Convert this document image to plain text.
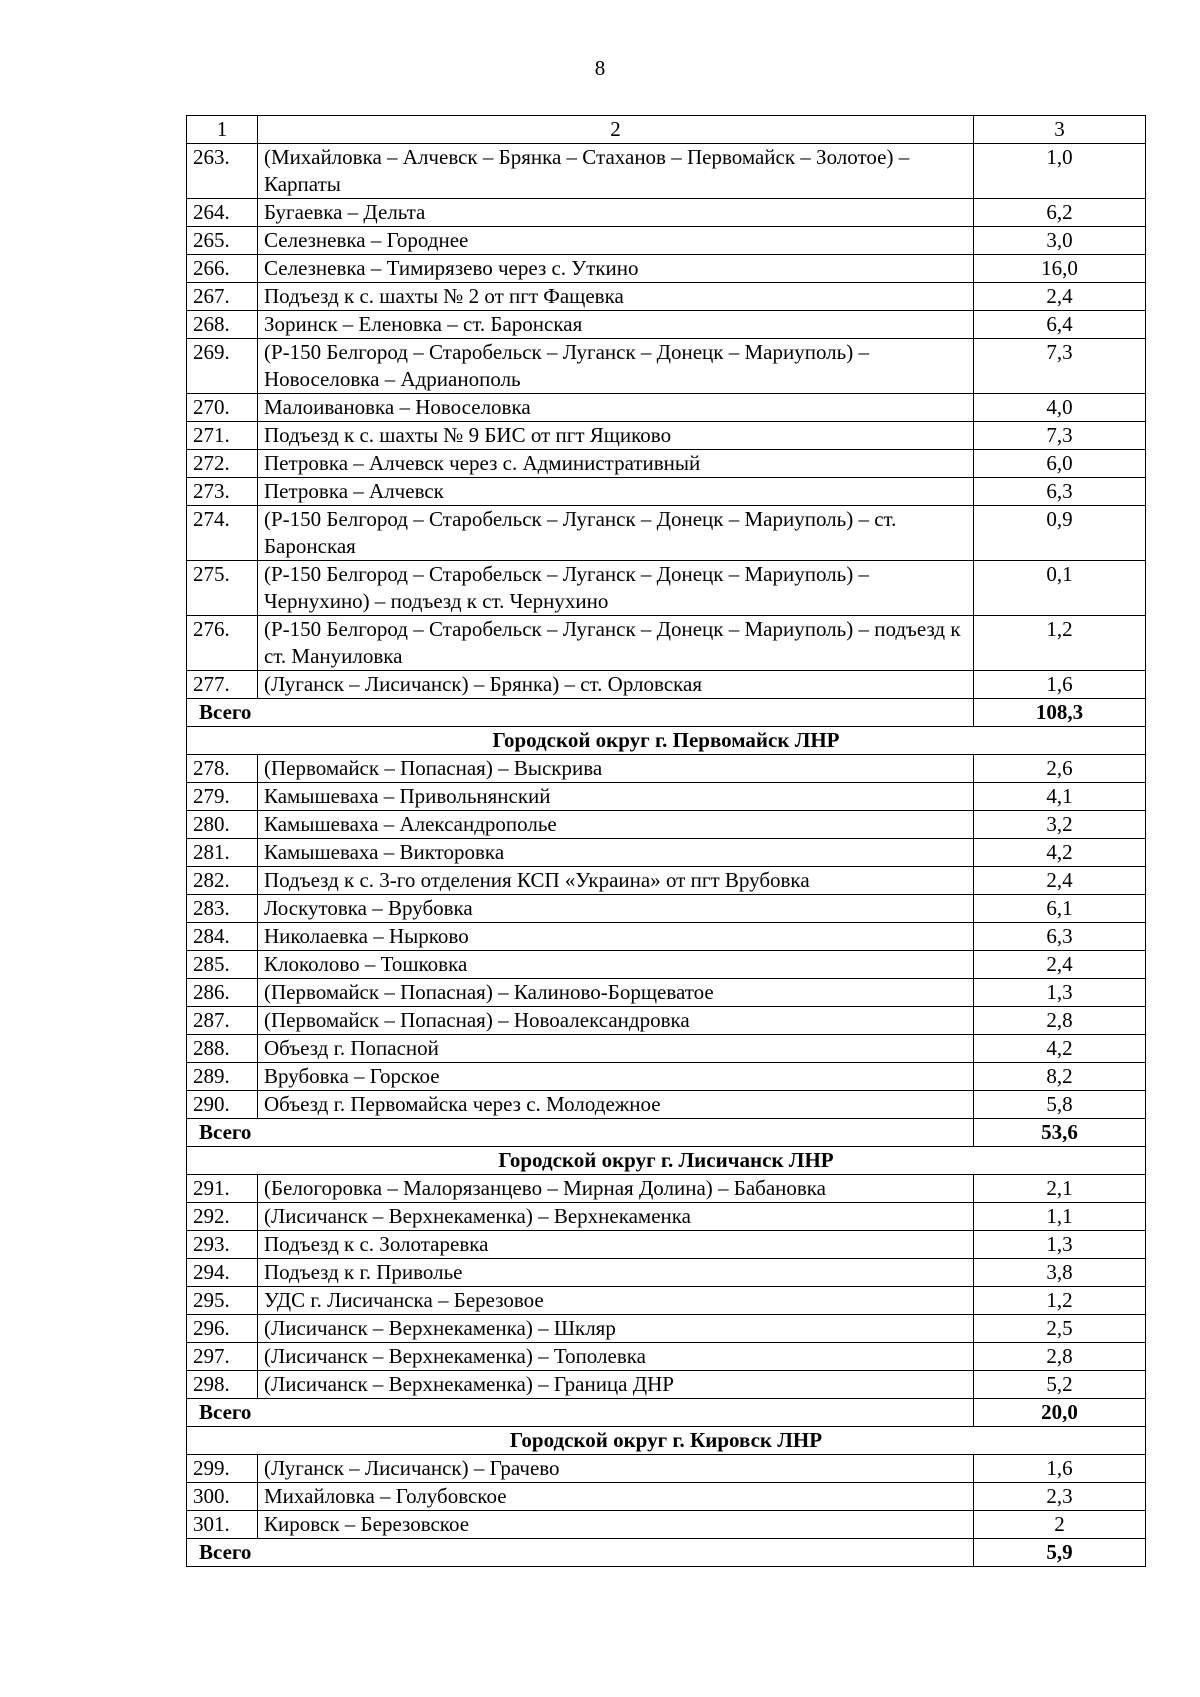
8
1	2	3
263.	(Михайловка – Алчевск – Брянка – Стаханов – Первомайск – Золотое) – Карпаты	1,0
264.	Бугаевка – Дельта	6,2
265.	Селезневка – Городнее	3,0
266.	Селезневка – Тимирязево через с. Уткино	16,0
267.	Подъезд к с. шахты № 2 от пгт Фащевка	2,4
268.	Зоринск – Еленовка – ст. Баронская	6,4
269.	(Р-150 Белгород – Старобельск – Луганск – Донецк – Мариуполь) – Новоселовка – Адрианополь	7,3
270.	Малоивановка – Новоселовка	4,0
271.	Подъезд к с. шахты № 9 БИС от пгт Ящиково	7,3
272.	Петровка – Алчевск через с. Административный	6,0
273.	Петровка – Алчевск	6,3
274.	(Р-150 Белгород – Старобельск – Луганск – Донецк – Мариуполь) – ст. Баронская	0,9
275.	(Р-150 Белгород – Старобельск – Луганск – Донецк – Мариуполь) – Чернухино) – подъезд к ст. Чернухино	0,1
276.	(Р-150 Белгород – Старобельск – Луганск – Донецк – Мариуполь) – подъезд к ст. Мануиловка	1,2
277.	(Луганск – Лисичанск) – Брянка) – ст. Орловская	1,6
Всего		108,3
Городской округ г. Первомайск ЛНР		
278.	(Первомайск – Попасная) – Выскрива	2,6
279.	Камышеваха – Привольнянский	4,1
280.	Камышеваха – Александрополье	3,2
281.	Камышеваха – Викторовка	4,2
282.	Подъезд к с. 3-го отделения КСП «Украина» от пгт Врубовка	2,4
283.	Лоскутовка – Врубовка	6,1
284.	Николаевка – Нырково	6,3
285.	Клоколово – Тошковка	2,4
286.	(Первомайск – Попасная) – Калиново-Борщеватое	1,3
287.	(Первомайск – Попасная) – Новоалександровка	2,8
288.	Объезд г. Попасной	4,2
289.	Врубовка – Горское	8,2
290.	Объезд г. Первомайска через с. Молодежное	5,8
Всего		53,6
Городской округ г. Лисичанск ЛНР		
291.	(Белогоровка – Малорязанцево – Мирная Долина) – Бабановка	2,1
292.	(Лисичанск – Верхнекаменка) – Верхнекаменка	1,1
293.	Подъезд к с. Золотаревка	1,3
294.	Подъезд к г. Приволье	3,8
295.	УДС г. Лисичанска – Березовое	1,2
296.	(Лисичанск – Верхнекаменка) – Шкляр	2,5
297.	(Лисичанск – Верхнекаменка) – Тополевка	2,8
298.	(Лисичанск – Верхнекаменка) – Граница ДНР	5,2
Всего		20,0
Городской округ г. Кировск ЛНР		
299.	(Луганск – Лисичанск) – Грачево	1,6
300.	Михайловка – Голубовское	2,3
301.	Кировск – Березовское	2
Всего		5,9
